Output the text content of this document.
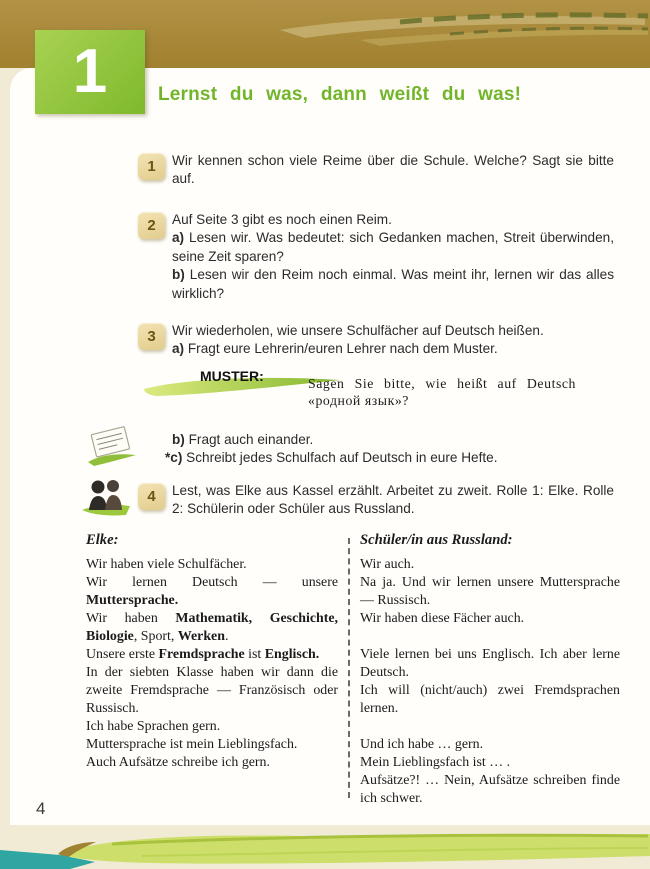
1	Lernst du was, dann weißt du was!
1	Wir kennen schon viele Reime über die Schule. Welche? Sagt sie bitte auf.

2	Auf Seite 3 gibt es noch einen Reim.

a) Lesen wir. Was bedeutet: sich Gedanken machen, Streit überwinden, seine Zeit sparen?

b) Lesen wir den Reim noch einmal. Was meint ihr, lernen wir das alles wirklich?

3	Wir wiederholen, wie unsere Schulfächer auf Deutsch heißen.

a) Fragt eure Lehrerin/euren Lehrer nach dem Muster.

MUSTER:	Sagen Sie bitte, wie heißt auf Deutsch «родной язык»?

b) Fragt auch einander.

*c) Schreibt jedes Schulfach auf Deutsch in eure Hefte.

4	Lest, was Elke aus Kassel erzählt. Arbeitet zu zweit. Rolle 1: Elke. Rolle 2: Schülerin oder Schüler aus Russland.

Elke:

Wir haben viele Schulfächer.

Wir lernen Deutsch — unsere Muttersprache.

Wir haben Mathematik, Geschichte, Biologie, Sport, Werken.

Unsere erste Fremdsprache ist Englisch.

In der siebten Klasse haben wir dann die zweite Fremdsprache — Französisch oder Russisch.

Ich habe Sprachen gern.

Muttersprache ist mein Lieblingsfach.

Auch Aufsätze schreibe ich gern.

Schüler/in aus Russland:

Wir auch.

Na ja. Und wir lernen unsere Muttersprache — Russisch.

Wir haben diese Fächer auch.

Viele lernen bei uns Englisch. Ich aber lerne Deutsch.

Ich will (nicht/auch) zwei Fremdsprachen lernen.

Und ich habe … gern.

Mein Lieblingsfach ist … .

Aufsätze?! … Nein, Aufsätze schreiben finde ich schwer.

4
